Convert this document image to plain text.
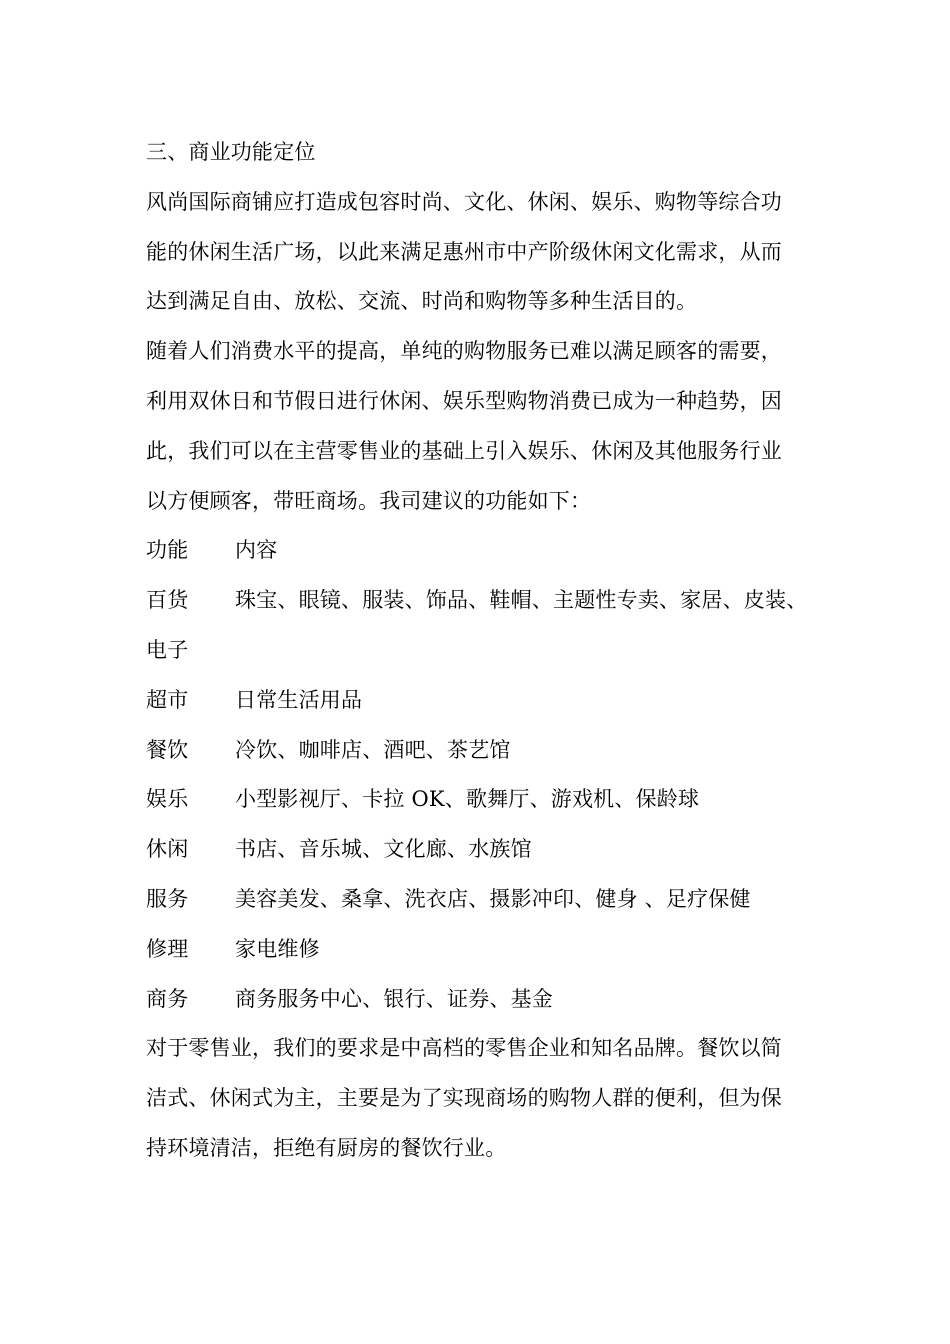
三、商业功能定位
风尚国际商铺应打造成包容时尚、文化、休闲、娱乐、购物等综合功
能的休闲生活广场，以此来满足惠州市中产阶级休闲文化需求，从而
达到满足自由、放松、交流、时尚和购物等多种生活目的。
随着人们消费水平的提高，单纯的购物服务已难以满足顾客的需要，
利用双休日和节假日进行休闲、娱乐型购物消费已成为一种趋势，因
此，我们可以在主营零售业的基础上引入娱乐、休闲及其他服务行业
以方便顾客，带旺商场。我司建议的功能如下：
功能	内容
百货	珠宝、眼镜、服装、饰品、鞋帽、主题性专卖、家居、皮装、
电子
超市	日常生活用品
餐饮	冷饮、咖啡店、酒吧、茶艺馆
娱乐	小型影视厅、卡拉 OK、歌舞厅、游戏机、保龄球
休闲	书店、音乐城、文化廊、水族馆
服务	美容美发、桑拿、洗衣店、摄影冲印、健身 、足疗保健
修理	家电维修
商务	商务服务中心、银行、证券、基金
对于零售业，我们的要求是中高档的零售企业和知名品牌。餐饮以简
洁式、休闲式为主，主要是为了实现商场的购物人群的便利，但为保
持环境清洁，拒绝有厨房的餐饮行业。
